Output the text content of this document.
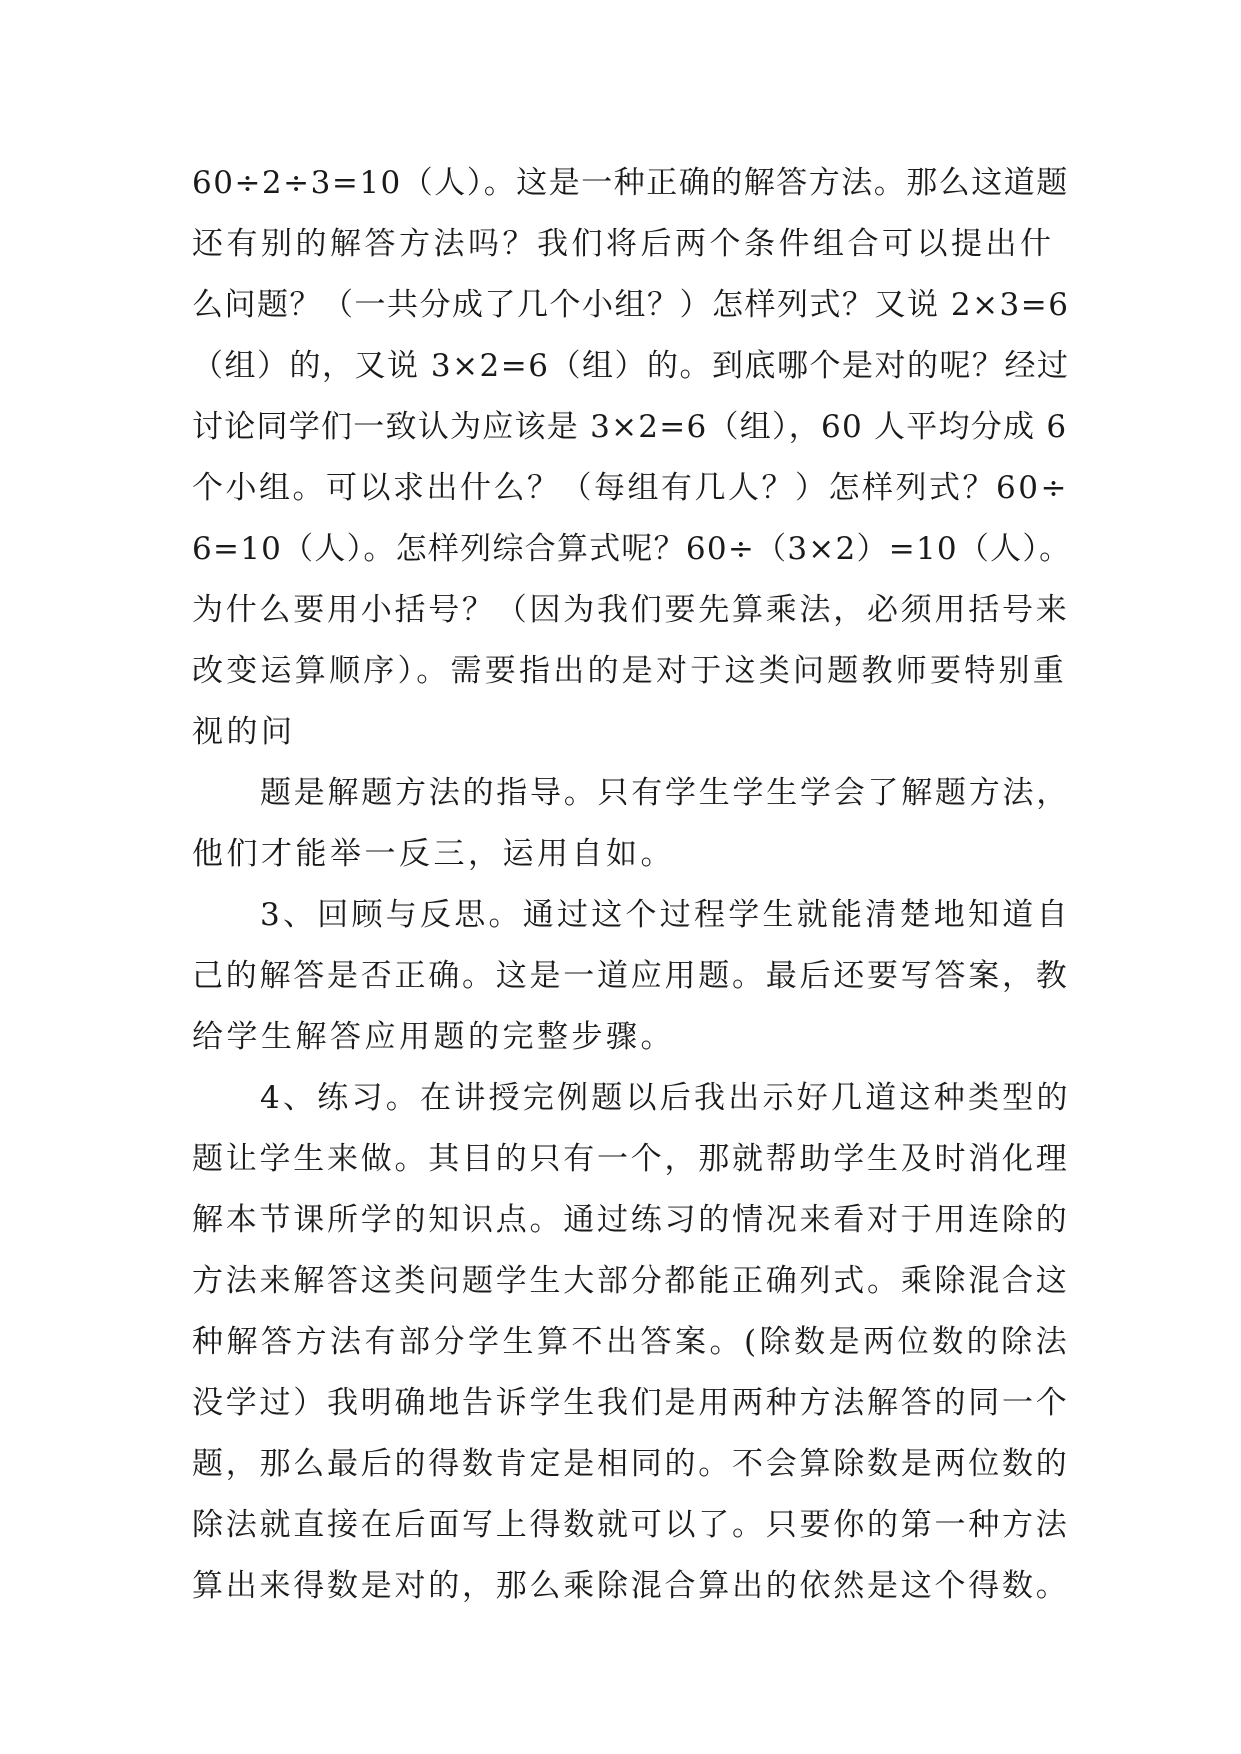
60÷2÷3=10（人）。这是一种正确的解答方法。那么这道题
还有别的解答方法吗？我们将后两个条件组合可以提出什
么问题？（一共分成了几个小组？）怎样列式？又说 2×3=6
（组）的，又说 3×2=6（组）的。到底哪个是对的呢？经过
讨论同学们一致认为应该是 3×2=6（组），60 人平均分成 6
个小组。可以求出什么？（每组有几人？）怎样列式？60÷
6=10（人）。怎样列综合算式呢？60÷（3×2）=10（人）。
为什么要用小括号？（因为我们要先算乘法，必须用括号来
改变运算顺序）。需要指出的是对于这类问题教师要特别重
视的问
题是解题方法的指导。只有学生学生学会了解题方法，
他们才能举一反三，运用自如。
3、回顾与反思。通过这个过程学生就能清楚地知道自
己的解答是否正确。这是一道应用题。最后还要写答案，教
给学生解答应用题的完整步骤。
4、练习。在讲授完例题以后我出示好几道这种类型的
题让学生来做。其目的只有一个，那就帮助学生及时消化理
解本节课所学的知识点。通过练习的情况来看对于用连除的
方法来解答这类问题学生大部分都能正确列式。乘除混合这
种解答方法有部分学生算不出答案。(除数是两位数的除法
没学过）我明确地告诉学生我们是用两种方法解答的同一个
题，那么最后的得数肯定是相同的。不会算除数是两位数的
除法就直接在后面写上得数就可以了。只要你的第一种方法
算出来得数是对的，那么乘除混合算出的依然是这个得数。
